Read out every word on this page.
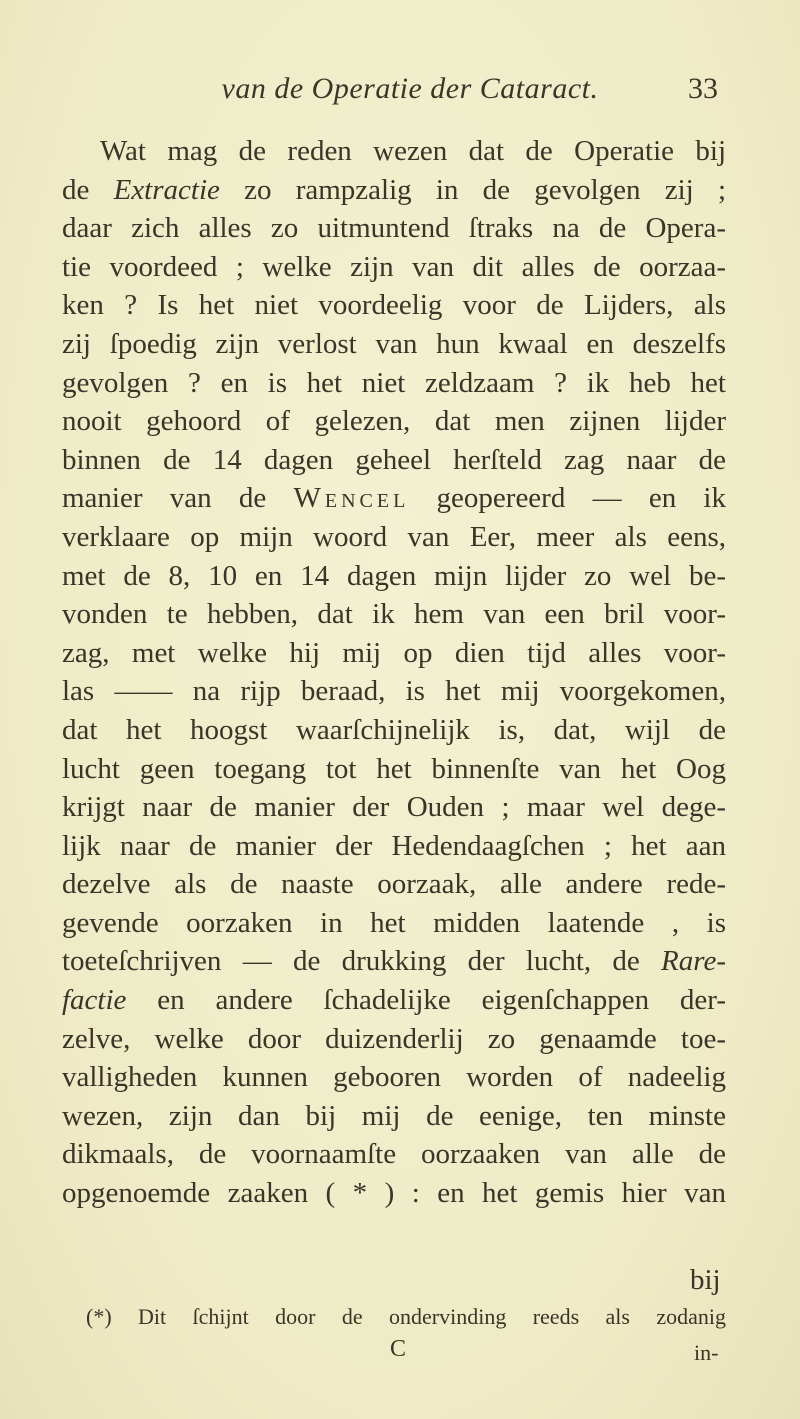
van de Operatie der Cataract.	33
Wat mag de reden wezen dat de Operatie bij
de Extractie zo rampzalig in de gevolgen zij ;
daar zich alles zo uitmuntend ſtraks na de Opera-
tie voordeed ; welke zijn van dit alles de oorzaa-
ken ? Is het niet voordeelig voor de Lijders, als
zij ſpoedig zijn verlost van hun kwaal en deszelfs
gevolgen ? en is het niet zeldzaam ? ik heb het
nooit gehoord of gelezen, dat men zijnen lijder
binnen de 14 dagen geheel herſteld zag naar de
manier van de Wencel geopereerd — en ik
verklaare op mijn woord van Eer, meer als eens,
met de 8, 10 en 14 dagen mijn lijder zo wel be-
vonden te hebben, dat ik hem van een bril voor-
zag, met welke hij mij op dien tijd alles voor-
las —— na rijp beraad, is het mij voorgekomen,
dat het hoogst waarſchijnelijk is, dat, wijl de
lucht geen toegang tot het binnenſte van het Oog
krijgt naar de manier der Ouden ; maar wel dege-
lijk naar de manier der Hedendaagſchen ; het aan
dezelve als de naaste oorzaak, alle andere rede-
gevende oorzaken in het midden laatende , is
toeteſchrijven — de drukking der lucht, de Rare-
factie en andere ſchadelijke eigenſchappen der-
zelve, welke door duizenderlij zo genaamde toe-
valligheden kunnen gebooren worden of nadeelig
wezen, zijn dan bij mij de eenige, ten minste
dikmaals, de voornaamſte oorzaaken van alle de
opgenoemde zaaken ( * ) : en het gemis hier van
bij
(*) Dit ſchijnt door de ondervinding reeds als zodanig
C	in-
